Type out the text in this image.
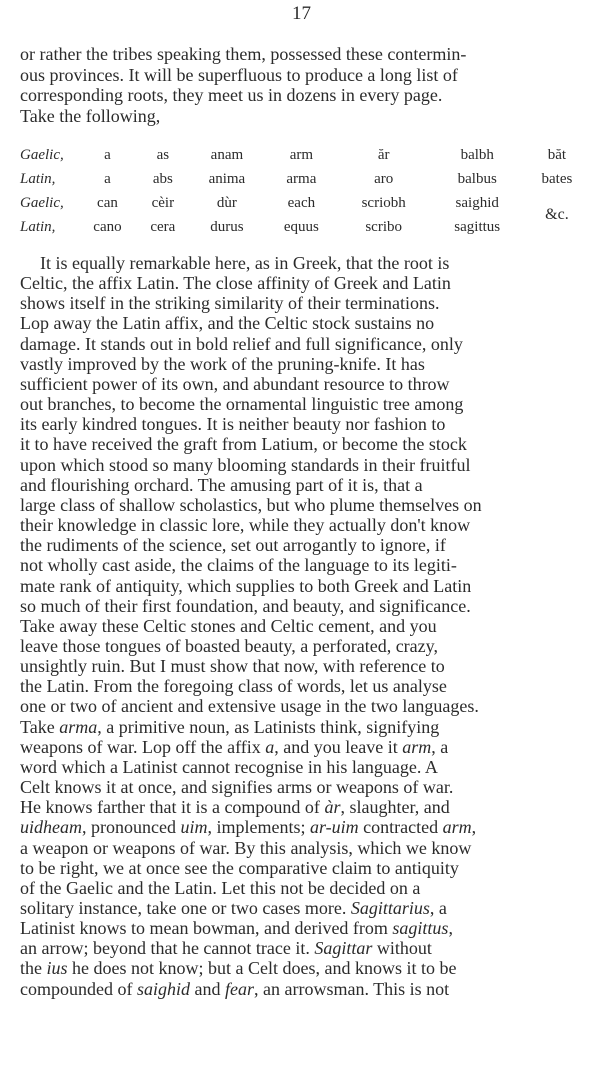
17

or rather the tribes speaking them, possessed these contermin-
ous provinces. It will be superfluous to produce a long list of
corresponding roots, they meet us in dozens in every page.
Take the following,

Gaelic,	a	as	anam	arm	ăr	balbh	băt
Latin,	a	abs	anima	arma	aro	balbus	bates
Gaelic,	can	cèir	dùr	each	scriobh	saighid	&c.
Latin,	cano	cera	durus	equus	scribo	sagittus	

It is equally remarkable here, as in Greek, that the root is
Celtic, the affix Latin. The close affinity of Greek and Latin
shows itself in the striking similarity of their terminations.
Lop away the Latin affix, and the Celtic stock sustains no
damage. It stands out in bold relief and full significance, only
vastly improved by the work of the pruning-knife. It has
sufficient power of its own, and abundant resource to throw
out branches, to become the ornamental linguistic tree among
its early kindred tongues. It is neither beauty nor fashion to
it to have received the graft from Latium, or become the stock
upon which stood so many blooming standards in their fruitful
and flourishing orchard. The amusing part of it is, that a
large class of shallow scholastics, but who plume themselves on
their knowledge in classic lore, while they actually don't know
the rudiments of the science, set out arrogantly to ignore, if
not wholly cast aside, the claims of the language to its legiti-
mate rank of antiquity, which supplies to both Greek and Latin
so much of their first foundation, and beauty, and significance.
Take away these Celtic stones and Celtic cement, and you
leave those tongues of boasted beauty, a perforated, crazy,
unsightly ruin. But I must show that now, with reference to
the Latin. From the foregoing class of words, let us analyse
one or two of ancient and extensive usage in the two languages.
Take arma, a primitive noun, as Latinists think, signifying
weapons of war. Lop off the affix a, and you leave it arm, a
word which a Latinist cannot recognise in his language. A
Celt knows it at once, and signifies arms or weapons of war.
He knows farther that it is a compound of àr, slaughter, and
uidheam, pronounced uim, implements; ar-uim contracted arm,
a weapon or weapons of war. By this analysis, which we know
to be right, we at once see the comparative claim to antiquity
of the Gaelic and the Latin. Let this not be decided on a
solitary instance, take one or two cases more. Sagittarius, a
Latinist knows to mean bowman, and derived from sagittus,
an arrow; beyond that he cannot trace it. Sagittar without
the ius he does not know; but a Celt does, and knows it to be
compounded of saighid and fear, an arrowsman. This is not
